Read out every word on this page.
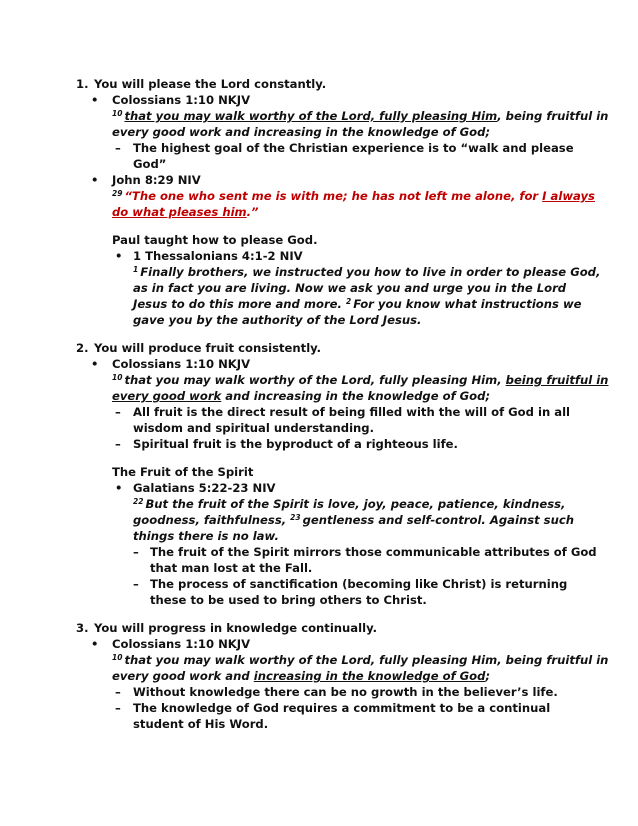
1. You will please the Lord constantly.
• Colossians 1:10 NKJV
$^{10}$ that you may walk worthy of the Lord, fully pleasing Him, being fruitful in
every good work and increasing in the knowledge of God;
– The highest goal of the Christian experience is to “walk and please
God”
• John 8:29 NIV
$^{29}$ “The one who sent me is with me; he has not left me alone, for I always
do what pleases him.”
Paul taught how to please God.
• 1 Thessalonians 4:1-2 NIV
$^1$ Finally brothers, we instructed you how to live in order to please God,
as in fact you are living. Now we ask you and urge you in the Lord
Jesus to do this more and more. $^2$ For you know what instructions we
gave you by the authority of the Lord Jesus.
2. You will produce fruit consistently.
• Colossians 1:10 NKJV
$^{10}$ that you may walk worthy of the Lord, fully pleasing Him, being fruitful in
every good work and increasing in the knowledge of God;
– All fruit is the direct result of being filled with the will of God in all
wisdom and spiritual understanding.
– Spiritual fruit is the byproduct of a righteous life.
The Fruit of the Spirit
• Galatians 5:22-23 NIV
$^{22}$ But the fruit of the Spirit is love, joy, peace, patience, kindness,
goodness, faithfulness, $^{23}$ gentleness and self-control. Against such
things there is no law.
– The fruit of the Spirit mirrors those communicable attributes of God
that man lost at the Fall.
– The process of sanctification (becoming like Christ) is returning
these to be used to bring others to Christ.
3. You will progress in knowledge continually.
• Colossians 1:10 NKJV
$^{10}$ that you may walk worthy of the Lord, fully pleasing Him, being fruitful in
every good work and increasing in the knowledge of God;
– Without knowledge there can be no growth in the believer’s life.
– The knowledge of God requires a commitment to be a continual
student of His Word.
